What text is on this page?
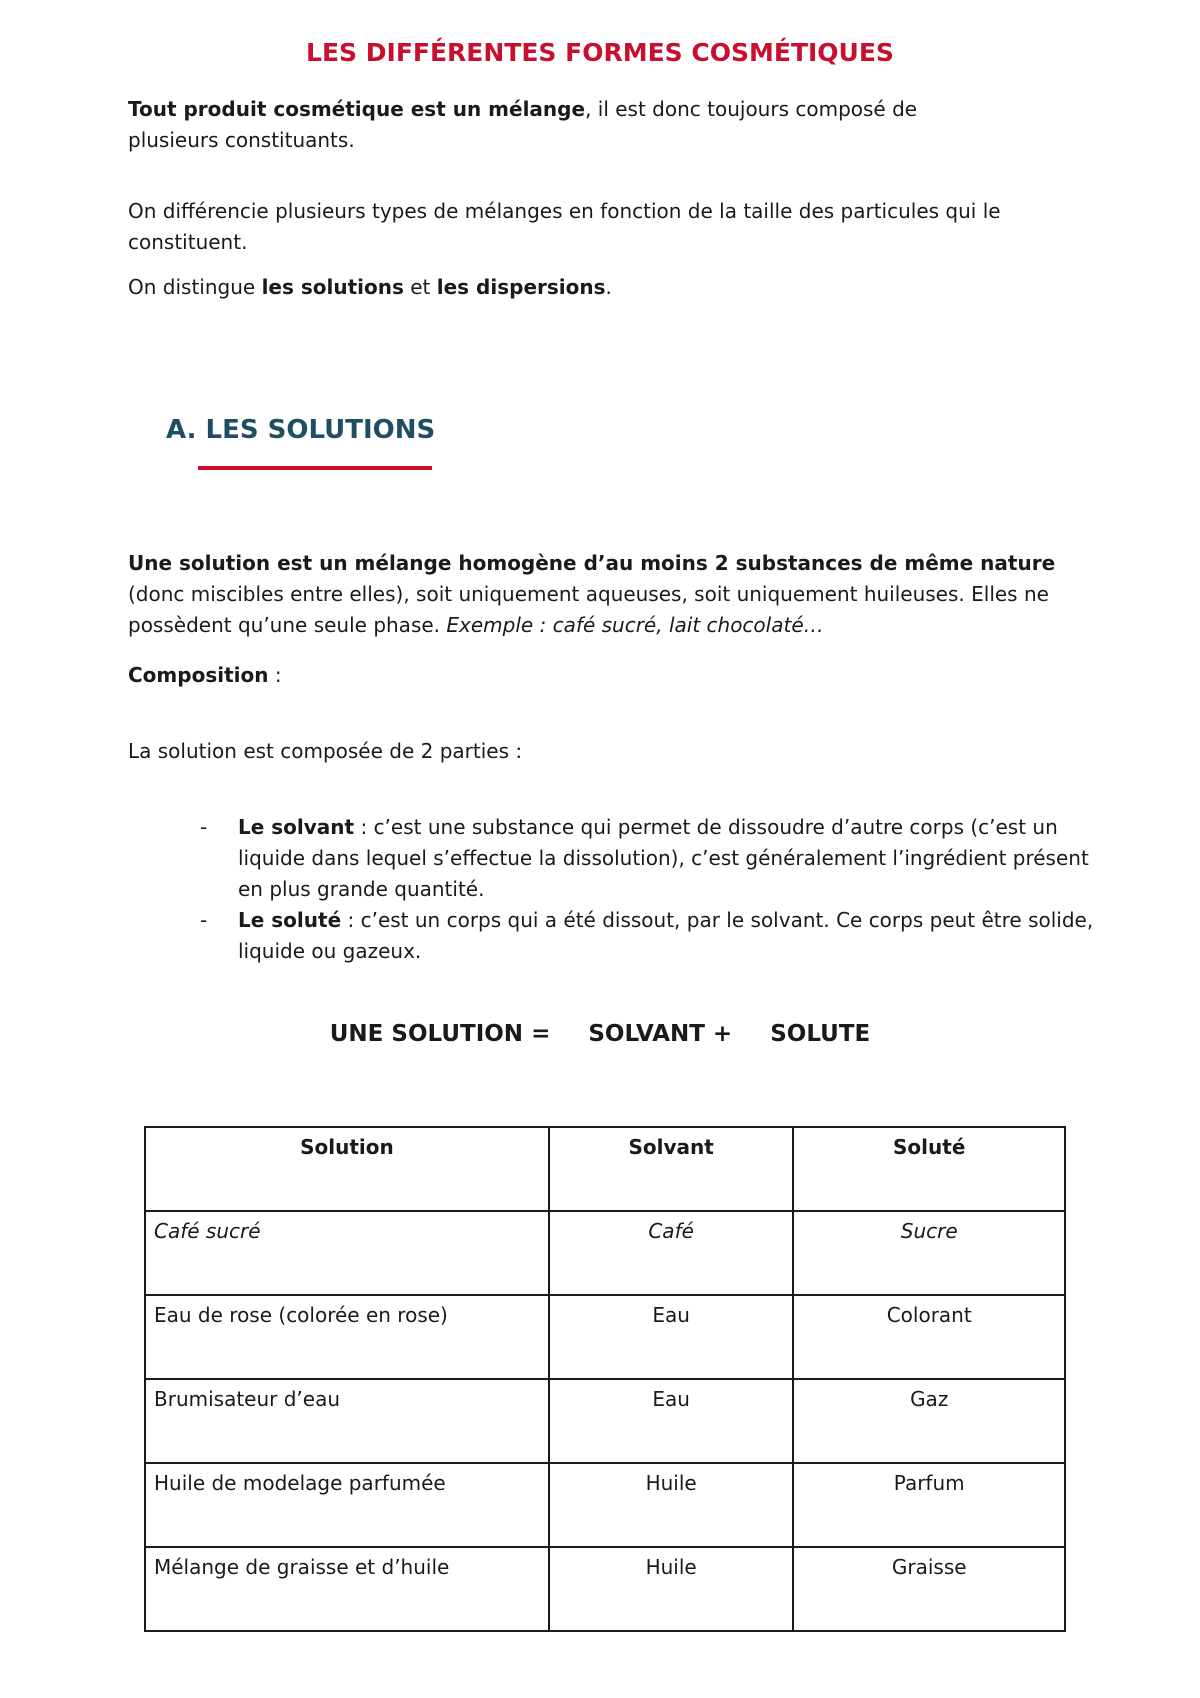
LES DIFFÉRENTES FORMES COSMÉTIQUES

Tout produit cosmétique est un mélange, il est donc toujours composé de
plusieurs constituants.

On différencie plusieurs types de mélanges en fonction de la taille des particules qui le constituent.

On distingue les solutions et les dispersions.

A. LES SOLUTIONS

Une solution est un mélange homogène d’au moins 2 substances de même nature (donc miscibles entre elles), soit uniquement aqueuses, soit uniquement huileuses. Elles ne possèdent qu’une seule phase. Exemple : café sucré, lait chocolaté…

Composition :

La solution est composée de 2 parties :

- Le solvant : c’est une substance qui permet de dissoudre d’autre corps (c’est un liquide dans lequel s’effectue la dissolution), c’est généralement l’ingrédient présent en plus grande quantité.
- Le soluté : c’est un corps qui a été dissout, par le solvant. Ce corps peut être solide, liquide ou gazeux.
UNE SOLUTION = SOLVANT + SOLUTE
Solution	Solvant	Soluté
Café sucré	Café	Sucre
Eau de rose (colorée en rose)	Eau	Colorant
Brumisateur d’eau	Eau	Gaz
Huile de modelage parfumée	Huile	Parfum
Mélange de graisse et d’huile	Huile	Graisse
